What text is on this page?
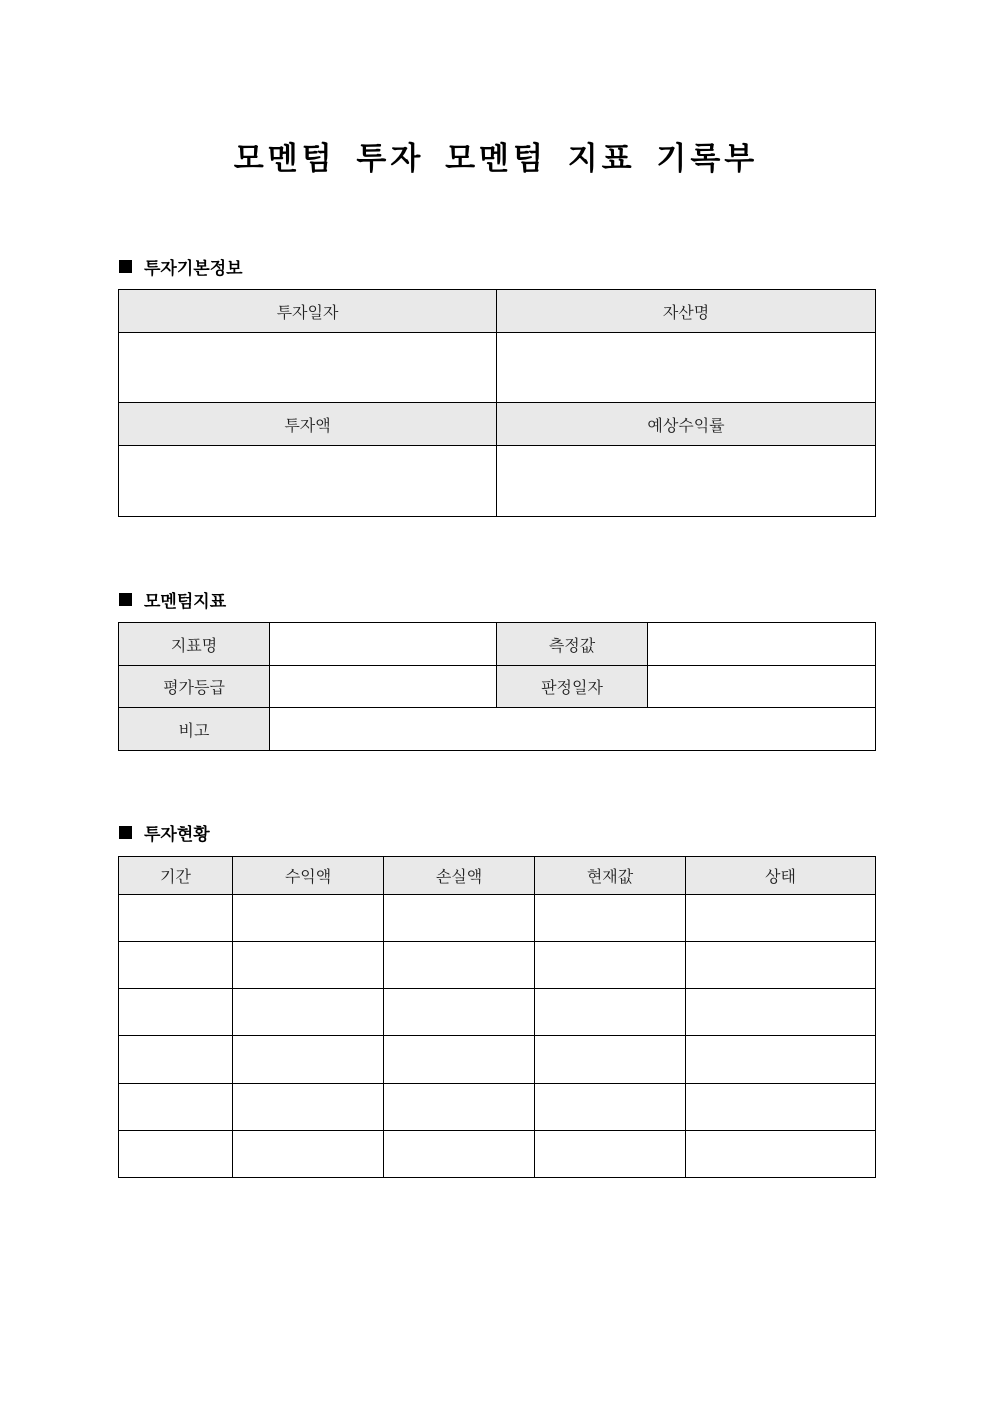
모멘텀 투자 모멘텀 지표 기록부
투자기본정보
투자일자	자산명

투자액	예상수익률

모멘텀지표
지표명		측정값	
평가등급		판정일자	
비고			
투자현황
기간	수익액	손실액	현재값	상태
